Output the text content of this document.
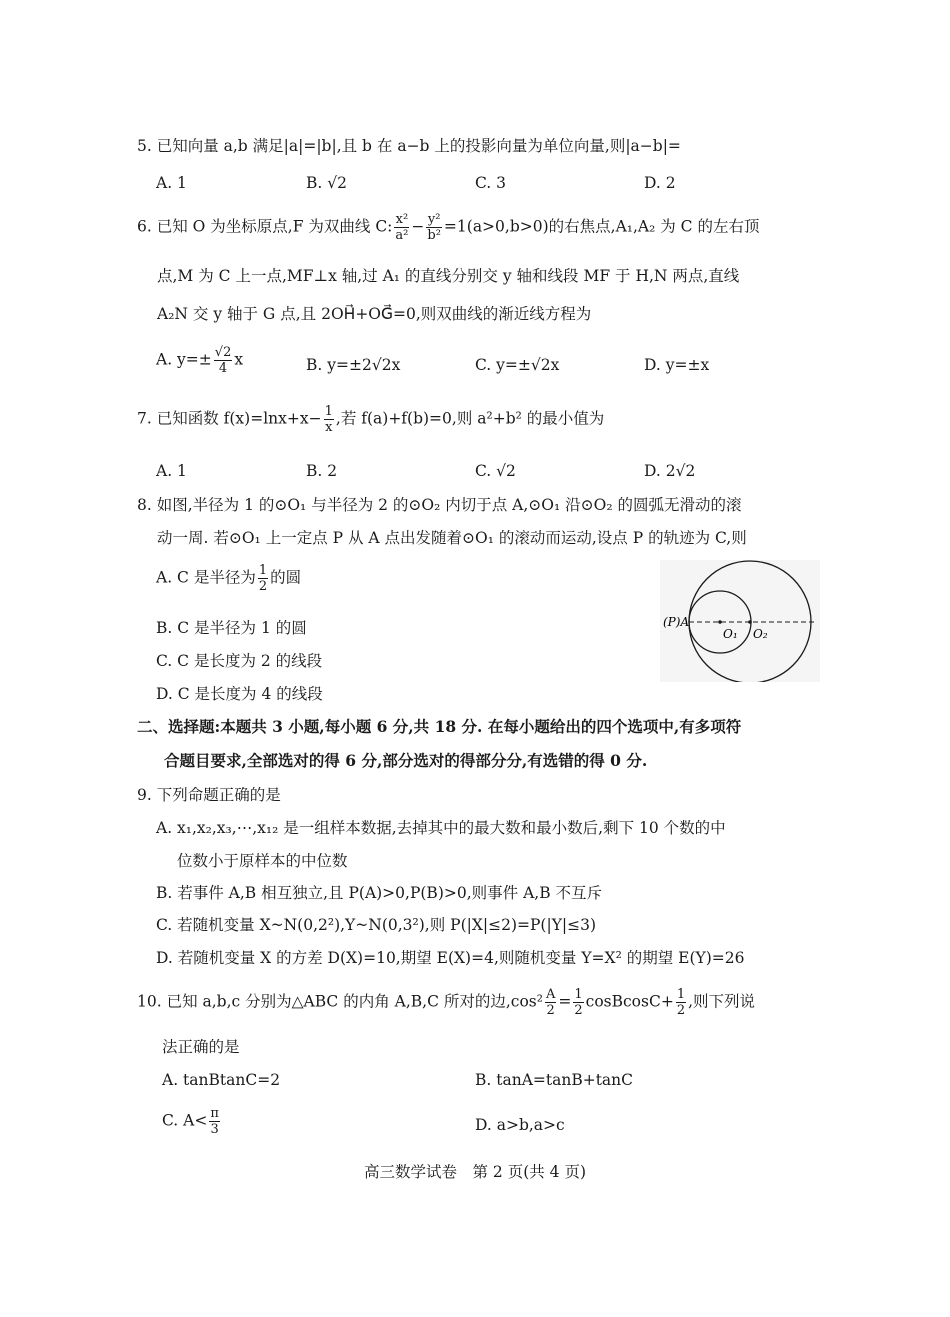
5. 已知向量 a,b 满足|a|=|b|,且 b 在 a−b 上的投影向量为单位向量,则|a−b|=
A. 1	B. √2	C. 3	D. 2
6. 已知 O 为坐标原点,F 为双曲线 C: $\frac{\text{x²}}{\text{a²}} - \frac{\text{y²}}{\text{b²}} =1(a>0,b>0)$的右焦点,A₁,A₂ 为 C 的左右顶
点,M 为 C 上一点,MF⊥x 轴,过 A₁ 的直线分别交 y 轴和线段 MF 于 H,N 两点,直线
A₂N 交 y 轴于 G 点,且 2OH⃗+OG⃗=0,则双曲线的渐近线方程为
A. $y=\pm \frac{√2}{4}$ x	B. y=±2√2x	C. y=±√2x	D. y=±x
7. 已知函数 $f(x)=\ln x+x- \frac{1}{x}$ ,若 f(a)+f(b)=0,则 a²+b² 的最小值为
A. 1	B. 2	C. √2	D. 2√2
8. 如图,半径为 1 的⊙O₁ 与半径为 2 的⊙O₂ 内切于点 A,⊙O₁ 沿⊙O₂ 的圆弧无滑动的滚
动一周. 若⊙O₁ 上一定点 P 从 A 点出发随着⊙O₁ 的滚动而运动,设点 P 的轨迹为 C,则
A. C 是半径为 $\frac{1}{2}$ 的圆
B. C 是半径为 1 的圆
C. C 是长度为 2 的线段
D. C 是长度为 4 的线段
(P)A
O₁ O₂
二、选择题:本题共 3 小题,每小题 6 分,共 18 分. 在每小题给出的四个选项中,有多项符
合题目要求,全部选对的得 6 分,部分选对的得部分分,有选错的得 0 分.
9. 下列命题正确的是
A. x₁,x₂,x₃,⋯,x₁₂ 是一组样本数据,去掉其中的最大数和最小数后,剩下 10 个数的中
位数小于原样本的中位数
B. 若事件 A,B 相互独立,且 P(A)>0,P(B)>0,则事件 A,B 不互斥
C. 若随机变量 X~N(0,2²),Y~N(0,3²),则 P(|X|≤2)=P(|Y|≤3)
D. 若随机变量 X 的方差 D(X)=10,期望 E(X)=4,则随机变量 Y=X² 的期望 E(Y)=26
10. 已知 a,b,c 分别为△ABC 的内角 A,B,C 所对的边$,\cos^2 \frac{A}{2} = \frac{1}{2}$ cosBcosC+ $\frac{1}{2}$ ,则下列说
法正确的是
A. tanBtanC=2	B. tanA=tanB+tanC
C. $A< \frac{\pi}{3}$	D. a>b,a>c
高三数学试卷　第 2 页(共 4 页)
